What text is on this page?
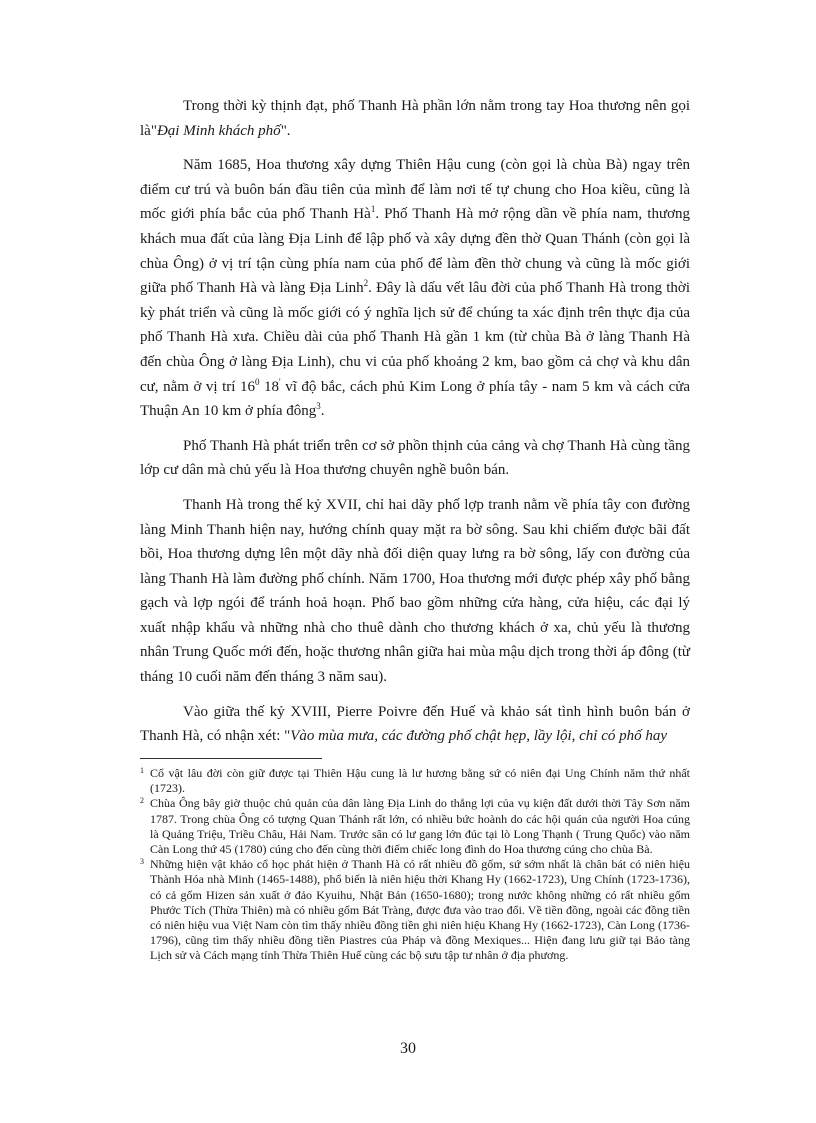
Trong thời kỳ thịnh đạt, phố Thanh Hà phần lớn nằm trong tay Hoa thương nên gọi là"Đại Minh khách phố".

Năm 1685, Hoa thương xây dựng Thiên Hậu cung (còn gọi là chùa Bà) ngay trên điểm cư trú và buôn bán đầu tiên của mình để làm nơi tế tự chung cho Hoa kiều, cũng là mốc giới phía bắc của phố Thanh $Hà^1$. Phố Thanh Hà mở rộng dần về phía nam, thương khách mua đất của làng Địa Linh để lập phố và xây dựng đền thờ Quan Thánh (còn gọi là chùa Ông) ở vị trí tận cùng phía nam của phố để làm đền thờ chung và cũng là mốc giới giữa phố Thanh Hà và làng Địa Linh$^2$. Đây là dấu vết lâu đời của phố Thanh Hà trong thời kỳ phát triển và cũng là mốc giới có ý nghĩa lịch sử để chúng ta xác định trên thực địa của phố Thanh Hà xưa. Chiều dài của phố Thanh Hà gần 1 km (từ chùa Bà ở làng Thanh Hà đến chùa Ông ở làng Địa Linh), chu vi của phố khoảng 2 km, bao gồm cả chợ và khu dân cư, nằm ở vị trí $16^0$ 18' vĩ độ bắc, cách phủ Kim Long ở phía tây - nam 5 km và cách cửa Thuận An 10 km ở phía đông$^3$.

Phố Thanh Hà phát triển trên cơ sở phồn thịnh của cảng và chợ Thanh Hà cùng tầng lớp cư dân mà chủ yếu là Hoa thương chuyên nghề buôn bán.

Thanh Hà trong thế kỷ XVII, chỉ hai dãy phố lợp tranh nằm về phía tây con đường làng Minh Thanh hiện nay, hướng chính quay mặt ra bờ sông. Sau khi chiếm được bãi đất bồi, Hoa thương dựng lên một dãy nhà đối diện quay lưng ra bờ sông, lấy con đường của làng Thanh Hà làm đường phố chính. Năm 1700, Hoa thương mới được phép xây phố bằng gạch và lợp ngói để tránh hoả hoạn. Phố bao gồm những cửa hàng, cửa hiệu, các đại lý xuất nhập khẩu và những nhà cho thuê dành cho thương khách ở xa, chủ yếu là thương nhân Trung Quốc mới đến, hoặc thương nhân giữa hai mùa mậu dịch trong thời áp đông (từ tháng 10 cuối năm đến tháng 3 năm sau).

Vào giữa thế kỷ XVIII, Pierre Poivre đến Huế và khảo sát tình hình buôn bán ở Thanh Hà, có nhận xét: "Vào mùa mưa, các đường phố chật hẹp, lầy lội, chỉ có phố hay

1 Cổ vật lâu đời còn giữ được tại Thiên Hậu cung là lư hương bằng sứ có niên đại Ung Chính năm thứ nhất (1723).
2 Chùa Ông bây giờ thuộc chủ quản của dân làng Địa Linh do thắng lợi của vụ kiện đất dưới thời Tây Sơn năm 1787. Trong chùa Ông có tượng Quan Thánh rất lớn, có nhiều bức hoành do các hội quán của người Hoa cúng là Quảng Triệu, Triều Châu, Hải Nam. Trước sân có lư gang lớn đúc tại lò Long Thạnh ( Trung Quốc) vào năm Càn Long thứ 45 (1780) cúng cho đến cùng thời điểm chiếc long đình do Hoa thương cúng cho chùa Bà.
3 Những hiện vật khảo cổ học phát hiện ở Thanh Hà có rất nhiều đồ gốm, sứ sớm nhất là chân bát có niên hiệu Thành Hóa nhà Minh (1465-1488), phổ biến là niên hiệu thời Khang Hy (1662-1723), Ung Chính (1723-1736), có cả gốm Hizen sản xuất ở đảo Kyuihu, Nhật Bản (1650-1680); trong nước không những có rất nhiều gốm Phước Tích (Thừa Thiên) mà có nhiều gốm Bát Tràng, được đưa vào trao đổi. Về tiền đồng, ngoài các đồng tiền có niên hiệu vua Việt Nam còn tìm thấy nhiều đồng tiền ghi niên hiệu Khang Hy (1662-1723), Càn Long (1736-1796), cũng tìm thấy nhiều đồng tiền Piastres của Pháp và đồng Mexiques... Hiện đang lưu giữ tại Bảo tàng Lịch sử và Cách mạng tỉnh Thừa Thiên Huế cùng các bộ sưu tập tư nhân ở địa phương.
30
